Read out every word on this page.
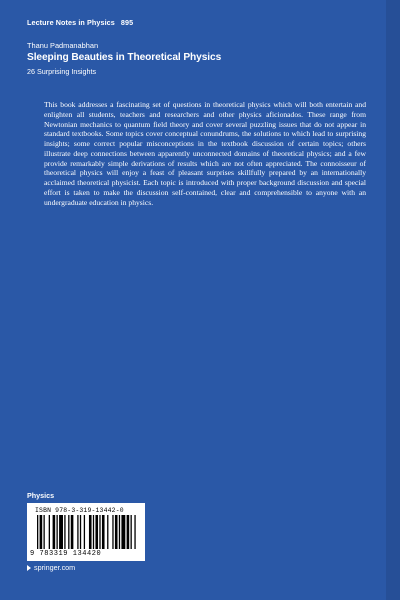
Lecture Notes in Physics 895
Thanu Padmanabhan
Sleeping Beauties in Theoretical Physics
26 Surprising Insights

This book addresses a fascinating set of questions in theoretical physics which will both entertain and enlighten all students, teachers and researchers and other physics aficionados. These range from Newtonian mechanics to quantum field theory and cover several puzzling issues that do not appear in standard textbooks. Some topics cover conceptual conundrums, the solutions to which lead to surprising insights; some correct popular misconceptions in the textbook discussion of certain topics; others illustrate deep connections between apparently unconnected domains of theoretical physics; and a few provide remarkably simple derivations of results which are not often appreciated. The connoisseur of theoretical physics will enjoy a feast of pleasant surprises skillfully prepared by an internationally acclaimed theoretical physicist. Each topic is introduced with proper background discussion and special effort is taken to make the discussion self-contained, clear and comprehensible to anyone with an undergraduate education in physics.

Physics
ISBN 978-3-319-13442-0
9 783319 134420
springer.com
